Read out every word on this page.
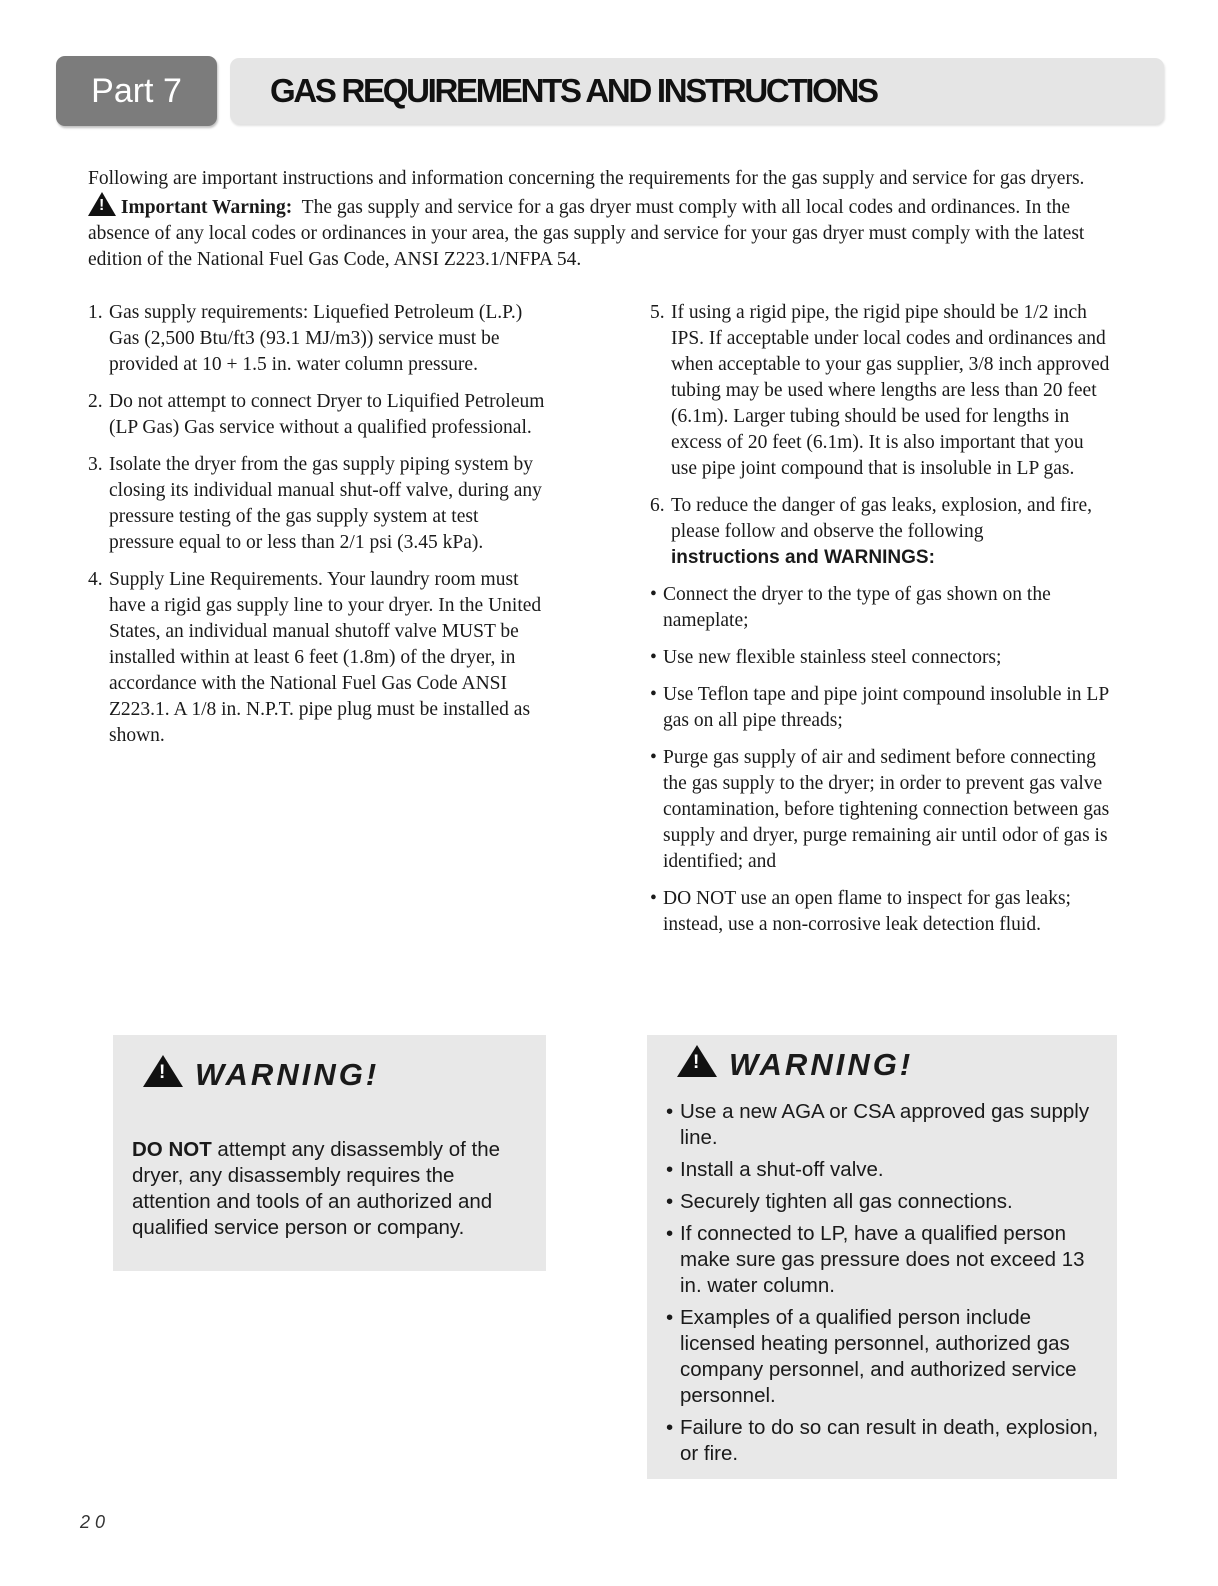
Part 7	GAS REQUIREMENTS AND INSTRUCTIONS
Following are important instructions and information concerning the requirements for the gas supply and service for gas dryers.       ! Important Warning: The gas supply and service for a gas dryer must comply with all local codes and ordinances. In the absence of any local codes or ordinances in your area, the gas supply and service for your gas dryer must comply with the latest edition of the National Fuel Gas Code, ANSI Z223.1/NFPA 54.
1. Gas supply requirements: Liquefied Petroleum (L.P.) Gas (2,500 Btu/ft3 (93.1 MJ/m3)) service must be provided at 10 + 1.5 in. water column pressure.
2. Do not attempt to connect Dryer to Liquified Petroleum (LP Gas) Gas service without a qualified professional.
3. Isolate the dryer from the gas supply piping system by closing its individual manual shut-off valve, during any pressure testing of the gas supply system at test pressure equal to or less than 2/1 psi (3.45 kPa).
4. Supply Line Requirements. Your laundry room must have a rigid gas supply line to your dryer. In the United States, an individual manual shutoff valve MUST be installed within at least 6 feet (1.8m) of the dryer, in accordance with the National Fuel Gas Code ANSI Z223.1. A 1/8 in. N.P.T. pipe plug must be installed as shown.
5. If using a rigid pipe, the rigid pipe should be 1/2 inch IPS. If acceptable under local codes and ordinances and when acceptable to your gas supplier, 3/8 inch approved tubing may be used where lengths are less than 20 feet (6.1m). Larger tubing should be used for lengths in excess of 20 feet (6.1m). It is also important that you use pipe joint compound that is insoluble in LP gas.
6. To reduce the danger of gas leaks, explosion, and fire, please follow and observe the following
instructions and WARNINGS:
• Connect the dryer to the type of gas shown on the nameplate;
• Use new flexible stainless steel connectors;
• Use Teflon tape and pipe joint compound insoluble in LP gas on all pipe threads;
• Purge gas supply of air and sediment before connecting the gas supply to the dryer; in order to prevent gas valve contamination, before tightening connection between gas supply and dryer, purge remaining air until odor of gas is identified; and
• DO NOT use an open flame to inspect for gas leaks; instead, use a non-corrosive leak detection fluid.
!WARNING!
DO NOT attempt any disassembly of the dryer, any disassembly requires the attention and tools of an authorized and qualified service person or company.
!WARNING!
• Use a new AGA or CSA approved gas supply line.
• Install a shut-off valve.
• Securely tighten all gas connections.
• If connected to LP, have a qualified person make sure gas pressure does not exceed 13 in. water column.
• Examples of a qualified person include licensed heating personnel, authorized gas company personnel, and authorized service personnel.
• Failure to do so can result in death, explosion, or fire.
20
